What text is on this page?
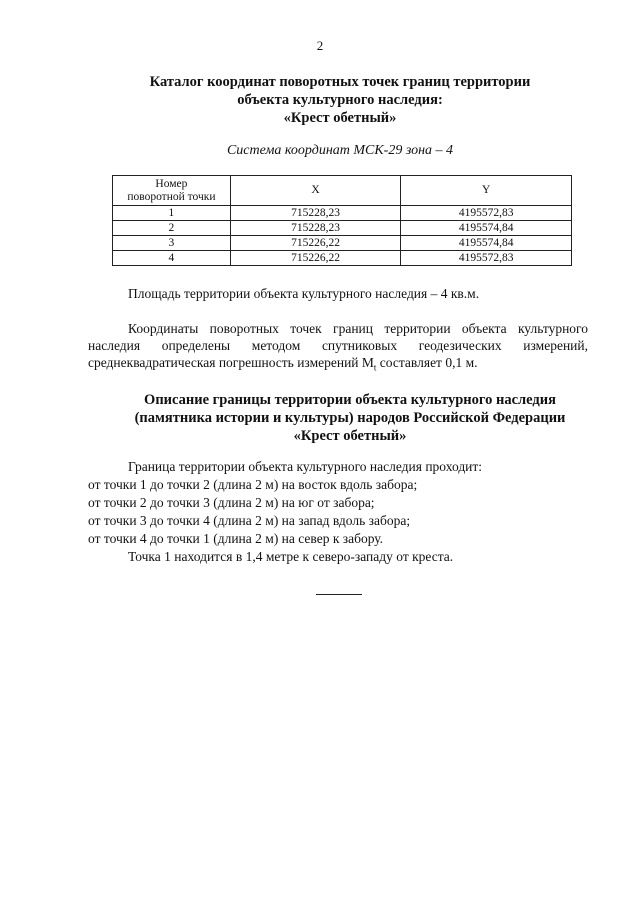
2
Каталог координат поворотных точек границ территории
объекта культурного наследия:
«Крест обетный»
Система координат МСК-29 зона – 4
Номер
поворотной точки	X	Y
1	715228,23	4195572,83
2	715228,23	4195574,84
3	715226,22	4195574,84
4	715226,22	4195572,83
Площадь территории объекта культурного наследия – 4 кв.м.
Координаты поворотных точек границ территории объекта культурного наследия определены методом спутниковых геодезических измерений, среднеквадратическая погрешность измерений $M_t$ составляет 0,1 м.
Описание границы территории объекта культурного наследия
(памятника истории и культуры) народов Российской Федерации
«Крест обетный»
Граница территории объекта культурного наследия проходит:
от точки 1 до точки 2 (длина 2 м) на восток вдоль забора;
от точки 2 до точки 3 (длина 2 м) на юг от забора;
от точки 3 до точки 4 (длина 2 м) на запад вдоль забора;
от точки 4 до точки 1 (длина 2 м) на север к забору.
Точка 1 находится в 1,4 метре к северо-западу от креста.
